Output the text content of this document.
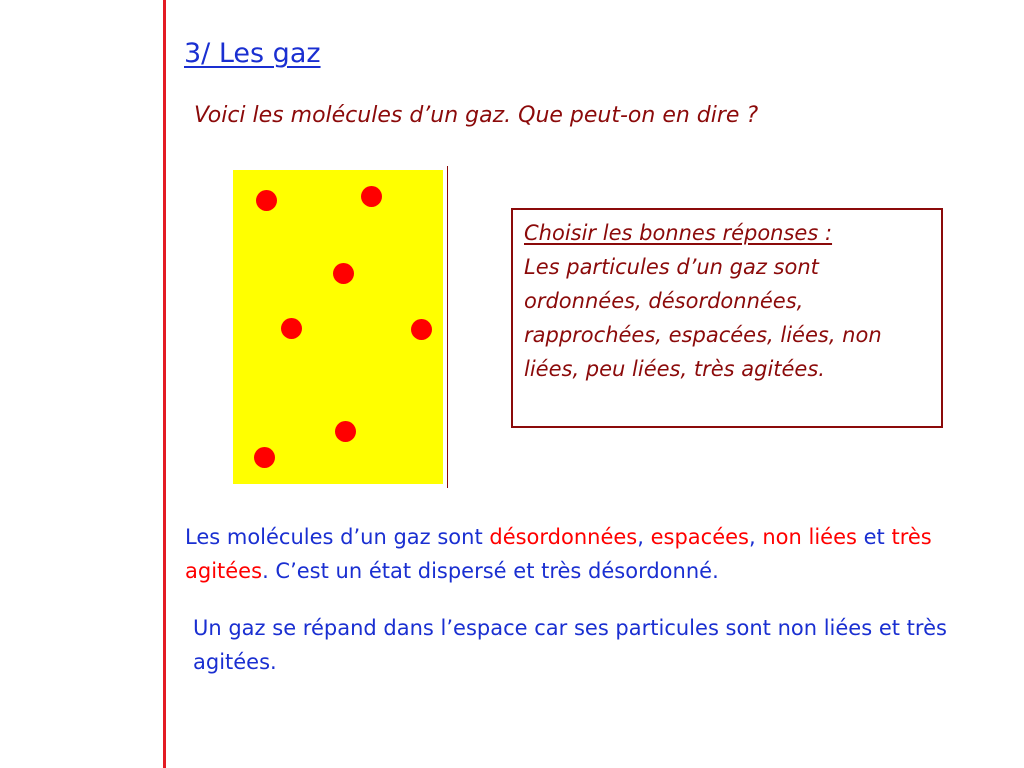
3/ Les gaz
Voici les molécules d’un gaz. Que peut-on en dire ?
Choisir les bonnes réponses :
Les particules d’un gaz sont ordonnées, désordonnées, rapprochées, espacées, liées, non liées, peu liées, très agitées.
Les molécules d’un gaz sont désordonnées, espacées, non liées et très agitées. C’est un état dispersé et très désordonné.
Un gaz se répand dans l’espace car ses particules sont non liées et très agitées.
